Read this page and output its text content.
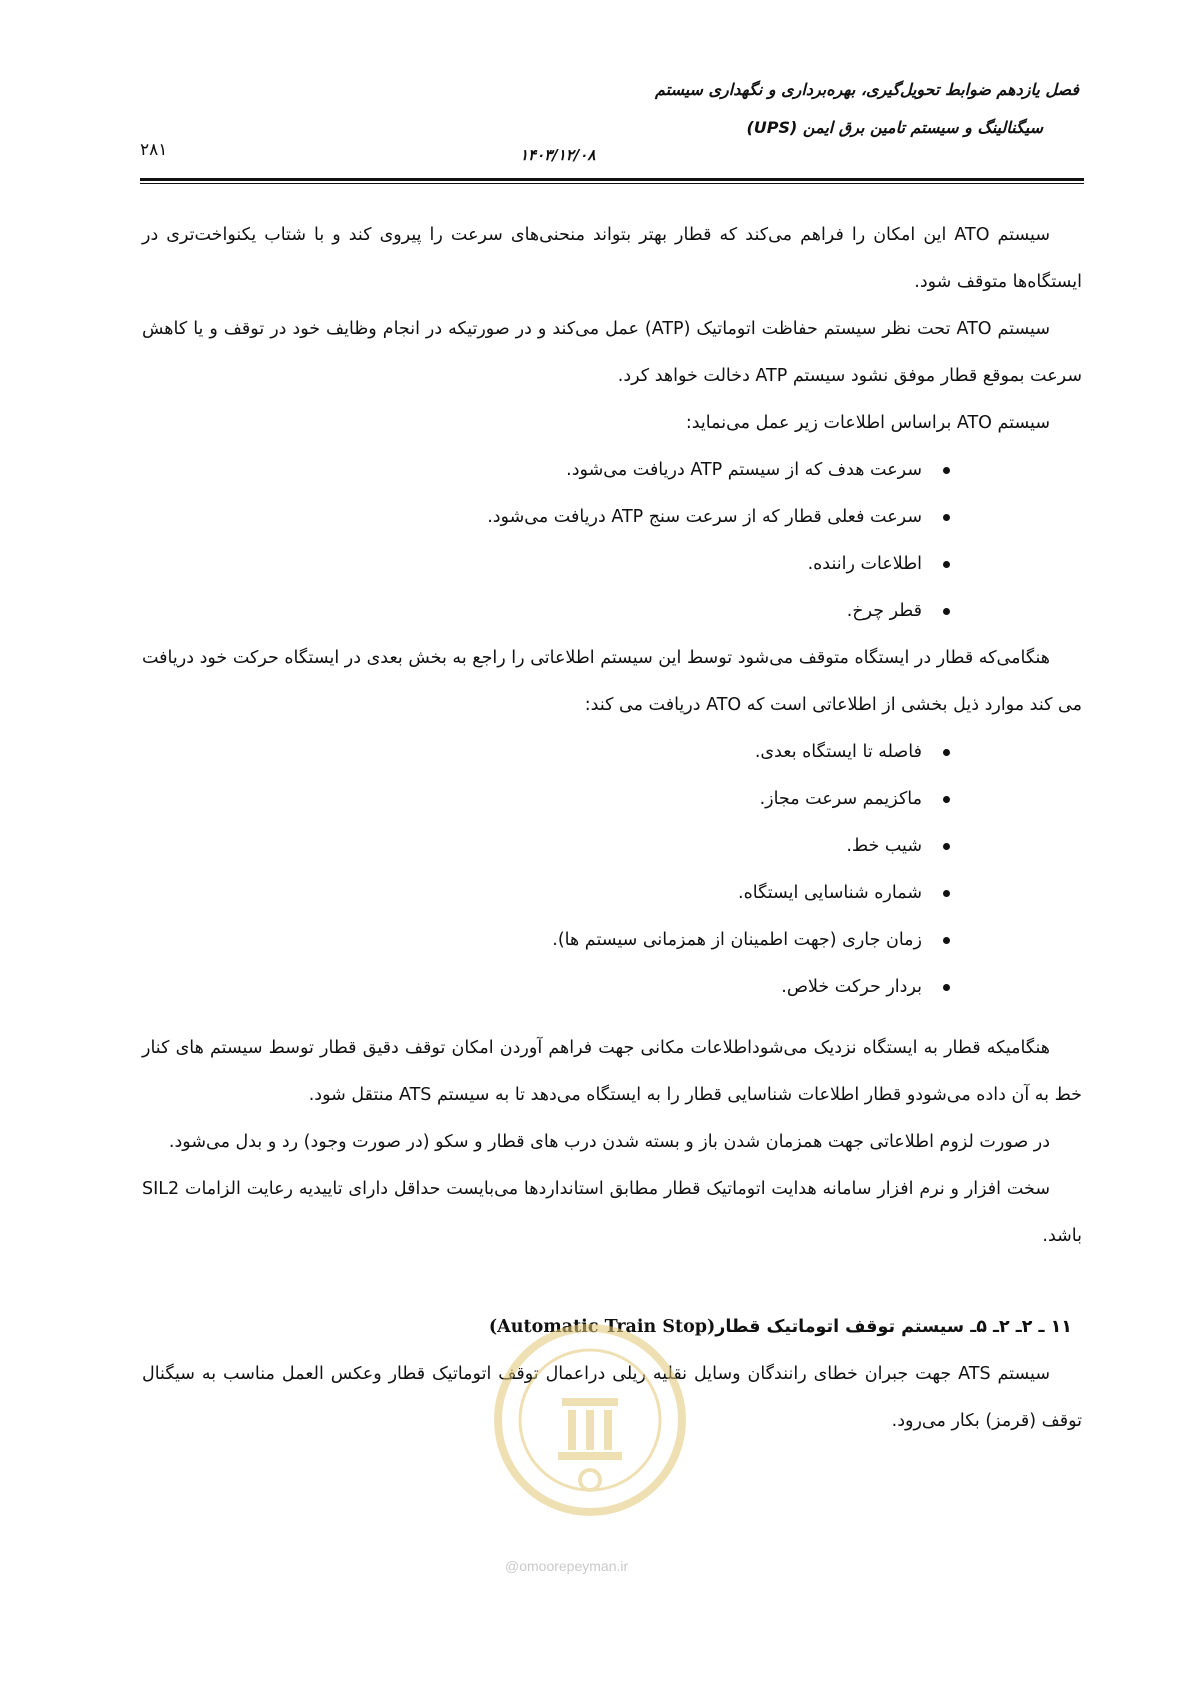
فصل یازدهم ضوابط تحویل‌گیری، بهره‌برداری و نگهداری سیستم
سیگنالینگ و سیستم تامین برق ایمن (UPS)
۱۴۰۳/۱۲/۰۸
۲۸۱

سیستم ATO این امکان را فراهم می‌کند که قطار بهتر بتواند منحنی‌های سرعت را پیروی کند و با شتاب یکنواخت‌تری در ایستگاه‌ها متوقف شود.

سیستم ATO تحت نظر سیستم حفاظت اتوماتیک (ATP) عمل می‌کند و در صورتیکه در انجام وظایف خود در توقف و یا کاهش سرعت بموقع قطار موفق نشود سیستم ATP دخالت خواهد کرد.

سیستم ATO براساس اطلاعات زیر عمل می‌نماید:

سرعت هدف که از سیستم ATP دریافت می‌شود.
سرعت فعلی قطار که از سرعت سنج ATP دریافت می‌شود.
اطلاعات راننده.
قطر چرخ.

هنگامی‌که قطار در ایستگاه متوقف می‌شود توسط این سیستم اطلاعاتی را راجع به بخش بعدی در ایستگاه حرکت خود دریافت می کند موارد ذیل بخشی از اطلاعاتی است که ATO دریافت می کند:

فاصله تا ایستگاه بعدی.
ماکزیمم سرعت مجاز.
شیب خط.
شماره شناسایی ایستگاه.
زمان جاری (جهت اطمینان از همزمانی سیستم ها).
بردار حرکت خلاص.

هنگامیکه قطار به ایستگاه نزدیک می‌شوداطلاعات مکانی جهت فراهم آوردن امکان توقف دقیق قطار توسط سیستم های کنار خط به آن داده می‌شودو قطار اطلاعات شناسایی قطار را به ایستگاه می‌دهد تا به سیستم ATS منتقل شود.

در صورت لزوم اطلاعاتی جهت همزمان شدن باز و بسته شدن درب های قطار و سکو (در صورت وجود) رد و بدل می‌شود.

سخت افزار و نرم افزار سامانه هدایت اتوماتیک قطار مطابق استانداردها می‌بایست حداقل دارای تاییدیه رعایت الزامات SIL2 باشد.

۱۱ ـ ۲ـ ۲ـ ۵ـ سیستم توقف اتوماتیک قطار(Automatic Train Stop)

سیستم ATS جهت جبران خطای رانندگان وسایل نقلیه ریلی دراعمال توقف اتوماتیک قطار وعکس العمل مناسب به سیگنال توقف (قرمز) بکار می‌رود.

@omoorepeyman.ir
